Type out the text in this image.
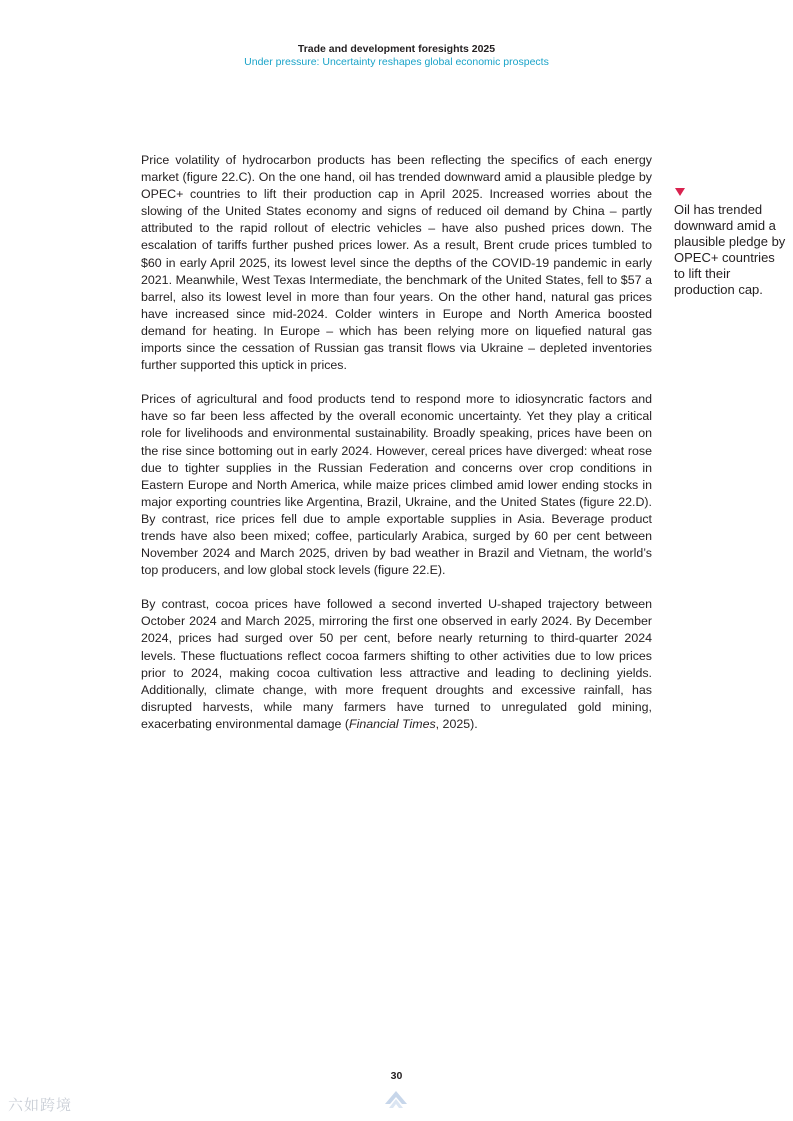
Trade and development foresights 2025
Under pressure: Uncertainty reshapes global economic prospects

Price volatility of hydrocarbon products has been reflecting the specifics of each energy market (figure 22.C). On the one hand, oil has trended downward amid a plausible pledge by OPEC+ countries to lift their production cap in April 2025. Increased worries about the slowing of the United States economy and signs of reduced oil demand by China – partly attributed to the rapid rollout of electric vehicles – have also pushed prices down. The escalation of tariffs further pushed prices lower. As a result, Brent crude prices tumbled to $60 in early April 2025, its lowest level since the depths of the COVID-19 pandemic in early 2021. Meanwhile, West Texas Intermediate, the benchmark of the United States, fell to $57 a barrel, also its lowest level in more than four years. On the other hand, natural gas prices have increased since mid-2024. Colder winters in Europe and North America boosted demand for heating. In Europe – which has been relying more on liquefied natural gas imports since the cessation of Russian gas transit flows via Ukraine – depleted inventories further supported this uptick in prices.

Prices of agricultural and food products tend to respond more to idiosyncratic factors and have so far been less affected by the overall economic uncertainty. Yet they play a critical role for livelihoods and environmental sustainability. Broadly speaking, prices have been on the rise since bottoming out in early 2024. However, cereal prices have diverged: wheat rose due to tighter supplies in the Russian Federation and concerns over crop conditions in Eastern Europe and North America, while maize prices climbed amid lower ending stocks in major exporting countries like Argentina, Brazil, Ukraine, and the United States (figure 22.D). By contrast, rice prices fell due to ample exportable supplies in Asia. Beverage product trends have also been mixed; coffee, particularly Arabica, surged by 60 per cent between November 2024 and March 2025, driven by bad weather in Brazil and Vietnam, the world’s top producers, and low global stock levels (figure 22.E).

By contrast, cocoa prices have followed a second inverted U-shaped trajectory between October 2024 and March 2025, mirroring the first one observed in early 2024. By December 2024, prices had surged over 50 per cent, before nearly returning to third-quarter 2024 levels. These fluctuations reflect cocoa farmers shifting to other activities due to low prices prior to 2024, making cocoa cultivation less attractive and leading to declining yields. Additionally, climate change, with more frequent droughts and excessive rainfall, has disrupted harvests, while many farmers have turned to unregulated gold mining, exacerbating environmental damage (Financial Times, 2025).

Oil has trended downward amid a plausible pledge by OPEC+ countries to lift their production cap.
30
六如跨境
